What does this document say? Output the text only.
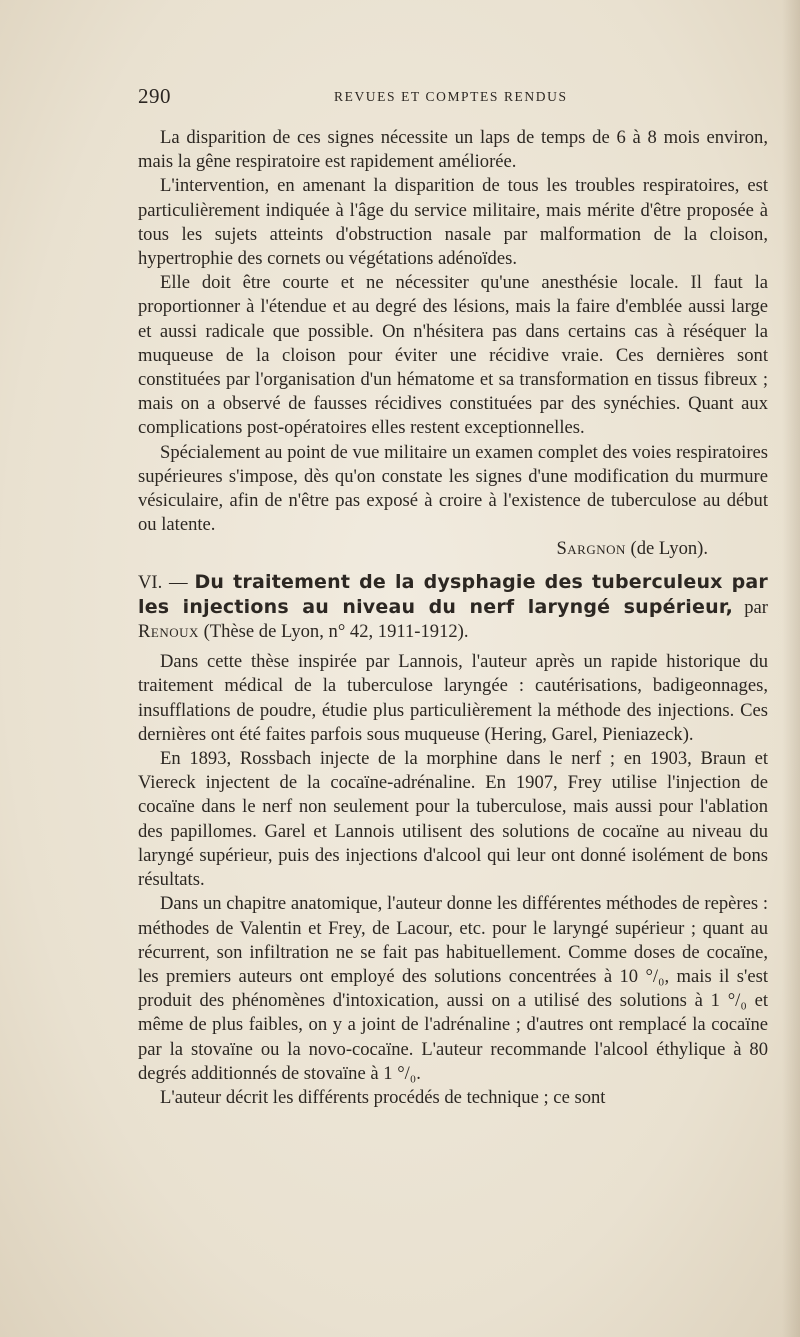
290	REVUES ET COMPTES RENDUS

La disparition de ces signes nécessite un laps de temps de 6 à 8 mois environ, mais la gêne respiratoire est rapidement améliorée.

L'intervention, en amenant la disparition de tous les troubles respiratoires, est particulièrement indiquée à l'âge du service militaire, mais mérite d'être proposée à tous les sujets atteints d'obstruction nasale par malformation de la cloison, hypertrophie des cornets ou végétations adénoïdes.

Elle doit être courte et ne nécessiter qu'une anesthésie locale. Il faut la proportionner à l'étendue et au degré des lésions, mais la faire d'emblée aussi large et aussi radicale que possible. On n'hésitera pas dans certains cas à réséquer la muqueuse de la cloison pour éviter une récidive vraie. Ces dernières sont constituées par l'organisation d'un hématome et sa transformation en tissus fibreux ; mais on a observé de fausses récidives constituées par des synéchies. Quant aux complications post-opératoires elles restent exceptionnelles.

Spécialement au point de vue militaire un examen complet des voies respiratoires supérieures s'impose, dès qu'on constate les signes d'une modification du murmure vésiculaire, afin de n'être pas exposé à croire à l'existence de tuberculose au début ou latente.

Sargnon (de Lyon).

VI. — Du traitement de la dysphagie des tuberculeux par les injections au niveau du nerf laryngé supérieur, par Renoux (Thèse de Lyon, n° 42, 1911-1912).

Dans cette thèse inspirée par Lannois, l'auteur après un rapide historique du traitement médical de la tuberculose laryngée : cautérisations, badigeonnages, insufflations de poudre, étudie plus particulièrement la méthode des injections. Ces dernières ont été faites parfois sous muqueuse (Hering, Garel, Pieniazeck).

En 1893, Rossbach injecte de la morphine dans le nerf ; en 1903, Braun et Viereck injectent de la cocaïne-adrénaline. En 1907, Frey utilise l'injection de cocaïne dans le nerf non seulement pour la tuberculose, mais aussi pour l'ablation des papillomes. Garel et Lannois utilisent des solutions de cocaïne au niveau du laryngé supérieur, puis des injections d'alcool qui leur ont donné isolément de bons résultats.

Dans un chapitre anatomique, l'auteur donne les différentes méthodes de repères : méthodes de Valentin et Frey, de Lacour, etc. pour le laryngé supérieur ; quant au récurrent, son infiltration ne se fait pas habituellement. Comme doses de cocaïne, les premiers auteurs ont employé des solutions concentrées à 10 °/₀, mais il s'est produit des phénomènes d'intoxication, aussi on a utilisé des solutions à 1 °/₀ et même de plus faibles, on y a joint de l'adrénaline ; d'autres ont remplacé la cocaïne par la stovaïne ou la novo-cocaïne. L'auteur recommande l'alcool éthylique à 80 degrés additionnés de stovaïne à 1 °/₀.

L'auteur décrit les différents procédés de technique ; ce sont
